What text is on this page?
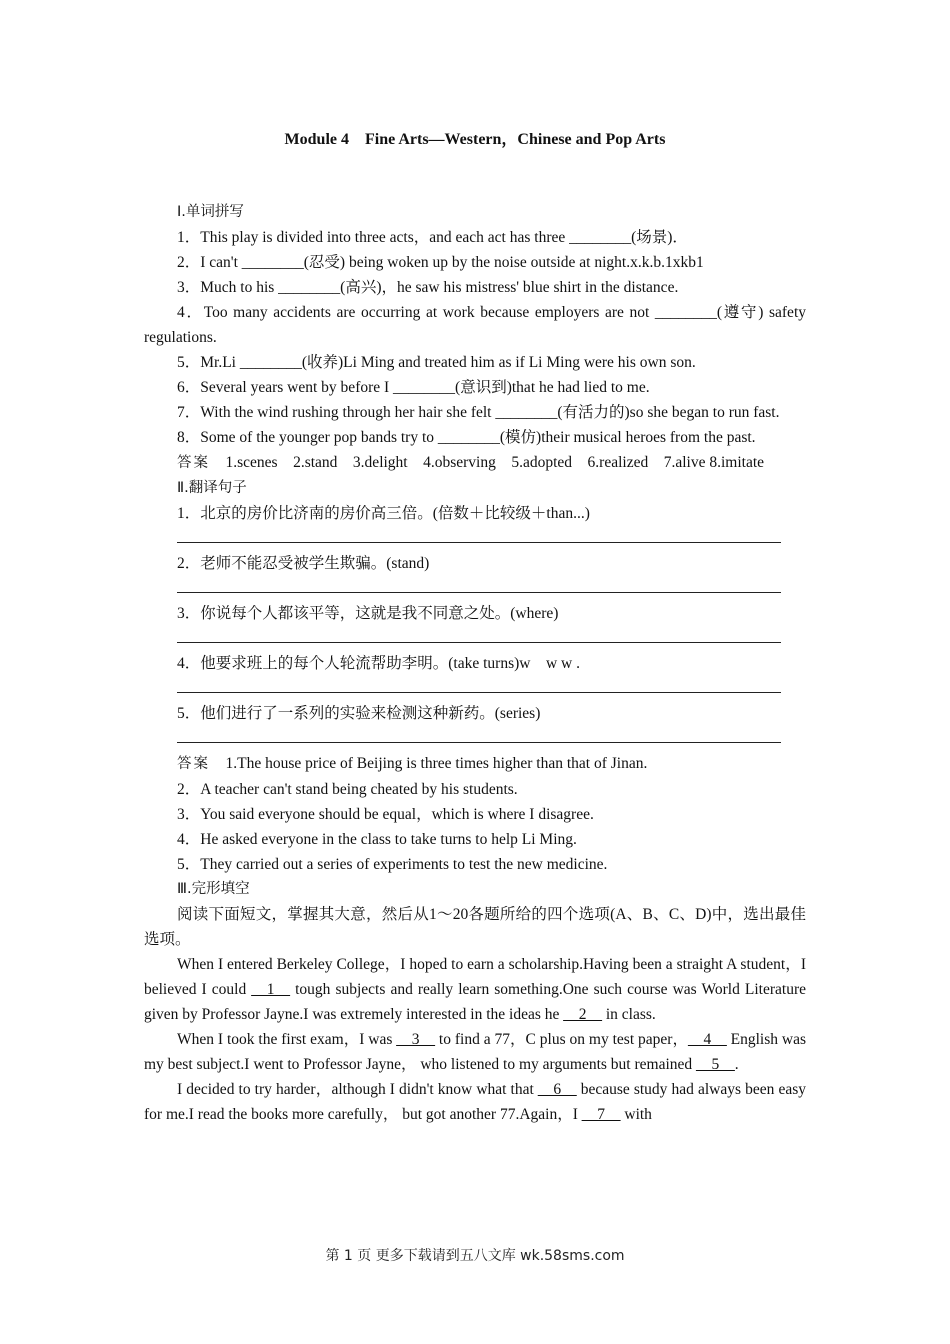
Module 4　Fine Arts—Western，Chinese and Pop Arts

Ⅰ.单词拼写

1．This play is divided into three acts，and each act has three ________(场景)．

2．I can't ________(忍受) being woken up by the noise outside at night.x.k.b.1xkb1

3．Much to his ________(高兴)，he saw his mistress' blue shirt in the distance.

4．Too many accidents are occurring at work because employers are not ________(遵守) safety regulations.

5．Mr.Li ________(收养)Li Ming and treated him as if Li Ming were his own son.

6．Several years went by before I ________(意识到)that he had lied to me.

7．With the wind rushing through her hair she felt ________(有活力的)so she began to run fast.

8．Some of the younger pop bands try to ________(模仿)their musical heroes from the past.

答案　 1.scenes　2.stand　3.delight　4.observing　5.adopted　6.realized　7.alive 8.imitate

Ⅱ.翻译句子

1．北京的房价比济南的房价高三倍。(倍数＋比较级＋than...)

2．老师不能忍受被学生欺骗。(stand)

3．你说每个人都该平等，这就是我不同意之处。(where)

4．他要求班上的每个人轮流帮助李明。(take turns)w　w w .

5．他们进行了一系列的实验来检测这种新药。(series)

答案　 1.The house price of Beijing is three times higher than that of Jinan.

2．A teacher can't stand being cheated by his students.

3．You said everyone should be equal，which is where I disagree.

4．He asked everyone in the class to take turns to help Li Ming.

5．They carried out a series of experiments to test the new medicine.

Ⅲ.完形填空

阅读下面短文，掌握其大意，然后从1～20各题所给的四个选项(A、B、C、D)中，选出最佳选项。

When I entered Berkeley College，I hoped to earn a scholarship.Having been a straight A student，I believed I could __1__ tough subjects and really learn something.One such course was World Literature given by Professor Jayne.I was extremely interested in the ideas he __2__ in class.

When I took the first exam，I was __3__ to find a 77，C plus on my test paper，__4__ English was my best subject.I went to Professor Jayne， who listened to my arguments but remained __5__.

I decided to try harder，although I didn't know what that __6__ because study had always been easy for me.I read the books more carefully， but got another 77.Again，I __7__ with

第 1 页 更多下载请到五八文库 wk.58sms.com
